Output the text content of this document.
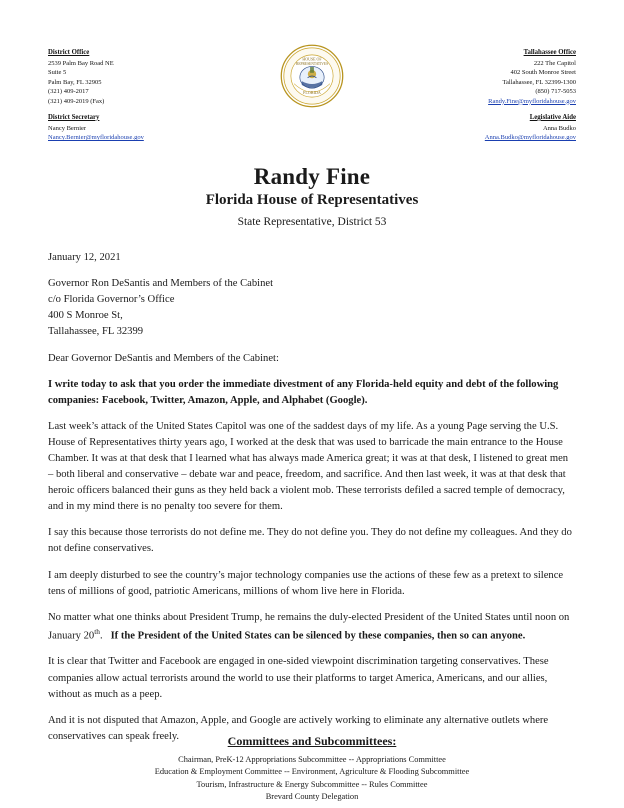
District Office
2539 Palm Bay Road NE
Suite 5
Palm Bay, FL 32905
(321) 409-2017
(321) 409-2019 (Fax)
District Secretary
Nancy Bernier
Nancy.Bernier@myfloridahouse.gov
HOUSE OF
REPRESENTATIVES
FLORIDA
Tallahassee Office
222 The Capitol
402 South Monroe Street
Tallahassee, FL 32399-1300
(850) 717-5053
Randy.Fine@myfloridahouse.gov
Legislative Aide
Anna Budko
Anna.Budko@myfloridahouse.gov
Randy Fine
Florida House of Representatives
State Representative, District 53

January 12, 2021

Governor Ron DeSantis and Members of the Cabinet
c/o Florida Governor’s Office
400 S Monroe St,
Tallahassee, FL 32399

Dear Governor DeSantis and Members of the Cabinet:

I write today to ask that you order the immediate divestment of any Florida-held equity and debt of the following companies: Facebook, Twitter, Amazon, Apple, and Alphabet (Google).

Last week’s attack of the United States Capitol was one of the saddest days of my life. As a young Page serving the U.S. House of Representatives thirty years ago, I worked at the desk that was used to barricade the main entrance to the House Chamber. It was at that desk that I learned what has always made America great; it was at that desk, I listened to great men – both liberal and conservative – debate war and peace, freedom, and sacrifice. And then last week, it was at that desk that heroic officers balanced their guns as they held back a violent mob. These terrorists defiled a sacred temple of democracy, and in my mind there is no penalty too severe for them.

I say this because those terrorists do not define me. They do not define you. They do not define my colleagues. And they do not define conservatives.

I am deeply disturbed to see the country’s major technology companies use the actions of these few as a pretext to silence tens of millions of good, patriotic Americans, millions of whom live here in Florida.

No matter what one thinks about President Trump, he remains the duly-elected President of the United States until noon on January 20th. If the President of the United States can be silenced by these companies, then so can anyone.

It is clear that Twitter and Facebook are engaged in one-sided viewpoint discrimination targeting conservatives. These companies allow actual terrorists around the world to use their platforms to target America, Americans, and our allies, without as much as a peep.

And it is not disputed that Amazon, Apple, and Google are actively working to eliminate any alternative outlets where conservatives can speak freely.	Committees and Subcommittees:
Chairman, PreK-12 Appropriations Subcommittee -- Appropriations Committee
Education & Employment Committee -- Environment, Agriculture & Flooding Subcommittee
Tourism, Infrastructure & Energy Subcommittee -- Rules Committee
Brevard County Delegation
